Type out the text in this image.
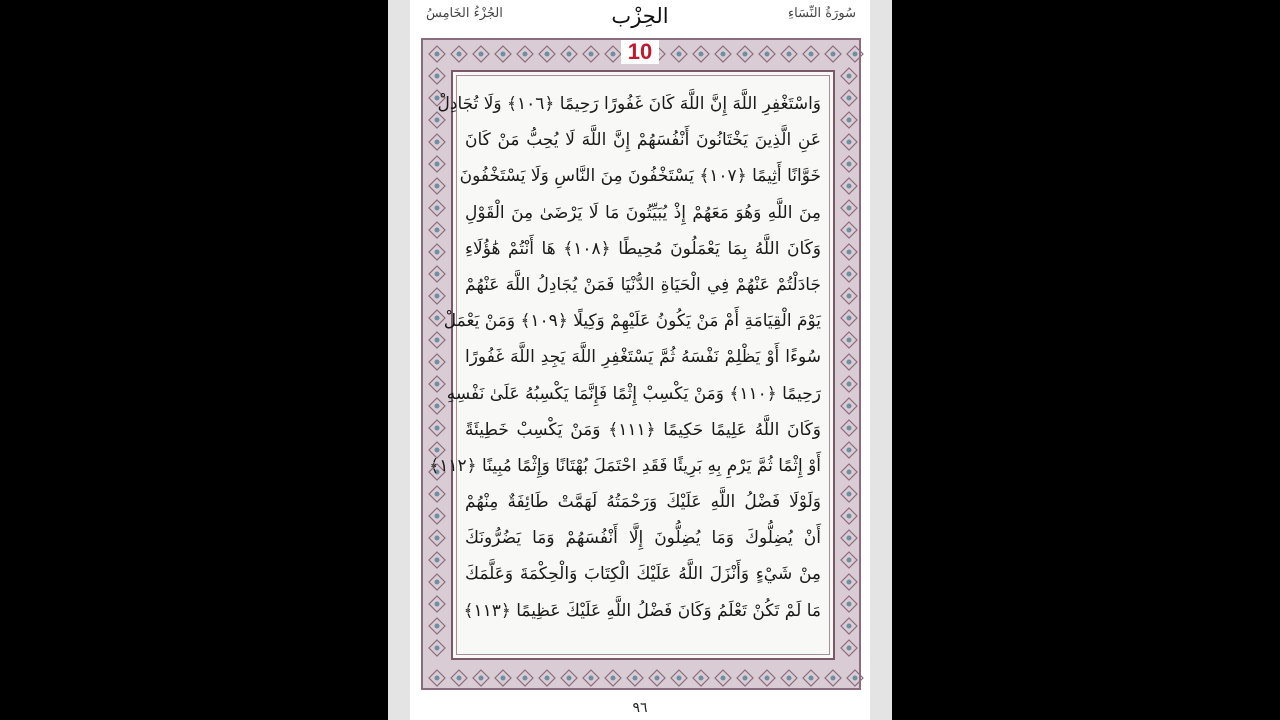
سُورَةُ النِّسَاءِ
الحِزْب
الجُزْءُ الخَامِسُ
10
وَاسْتَغْفِرِ اللَّهَ إِنَّ اللَّهَ كَانَ غَفُورًا رَحِيمًا ﴿١٠٦﴾ وَلَا تُجَادِلْ
عَنِ الَّذِينَ يَخْتَانُونَ أَنْفُسَهُمْ إِنَّ اللَّهَ لَا يُحِبُّ مَنْ كَانَ
خَوَّانًا أَثِيمًا ﴿١٠٧﴾ يَسْتَخْفُونَ مِنَ النَّاسِ وَلَا يَسْتَخْفُونَ
مِنَ اللَّهِ وَهُوَ مَعَهُمْ إِذْ يُبَيِّتُونَ مَا لَا يَرْضَىٰ مِنَ الْقَوْلِ
وَكَانَ اللَّهُ بِمَا يَعْمَلُونَ مُحِيطًا ﴿١٠٨﴾ هَا أَنْتُمْ هَٰؤُلَاءِ
جَادَلْتُمْ عَنْهُمْ فِي الْحَيَاةِ الدُّنْيَا فَمَنْ يُجَادِلُ اللَّهَ عَنْهُمْ
يَوْمَ الْقِيَامَةِ أَمْ مَنْ يَكُونُ عَلَيْهِمْ وَكِيلًا ﴿١٠٩﴾ وَمَنْ يَعْمَلْ
سُوءًا أَوْ يَظْلِمْ نَفْسَهُ ثُمَّ يَسْتَغْفِرِ اللَّهَ يَجِدِ اللَّهَ غَفُورًا
رَحِيمًا ﴿١١٠﴾ وَمَنْ يَكْسِبْ إِثْمًا فَإِنَّمَا يَكْسِبُهُ عَلَىٰ نَفْسِهِ
وَكَانَ اللَّهُ عَلِيمًا حَكِيمًا ﴿١١١﴾ وَمَنْ يَكْسِبْ خَطِيئَةً
أَوْ إِثْمًا ثُمَّ يَرْمِ بِهِ بَرِيئًا فَقَدِ احْتَمَلَ بُهْتَانًا وَإِثْمًا مُبِينًا ﴿١١٢﴾
وَلَوْلَا فَضْلُ اللَّهِ عَلَيْكَ وَرَحْمَتُهُ لَهَمَّتْ طَائِفَةٌ مِنْهُمْ
أَنْ يُضِلُّوكَ وَمَا يُضِلُّونَ إِلَّا أَنْفُسَهُمْ وَمَا يَضُرُّونَكَ
مِنْ شَيْءٍ وَأَنْزَلَ اللَّهُ عَلَيْكَ الْكِتَابَ وَالْحِكْمَةَ وَعَلَّمَكَ
مَا لَمْ تَكُنْ تَعْلَمُ وَكَانَ فَضْلُ اللَّهِ عَلَيْكَ عَظِيمًا ﴿١١٣﴾
٩٦
